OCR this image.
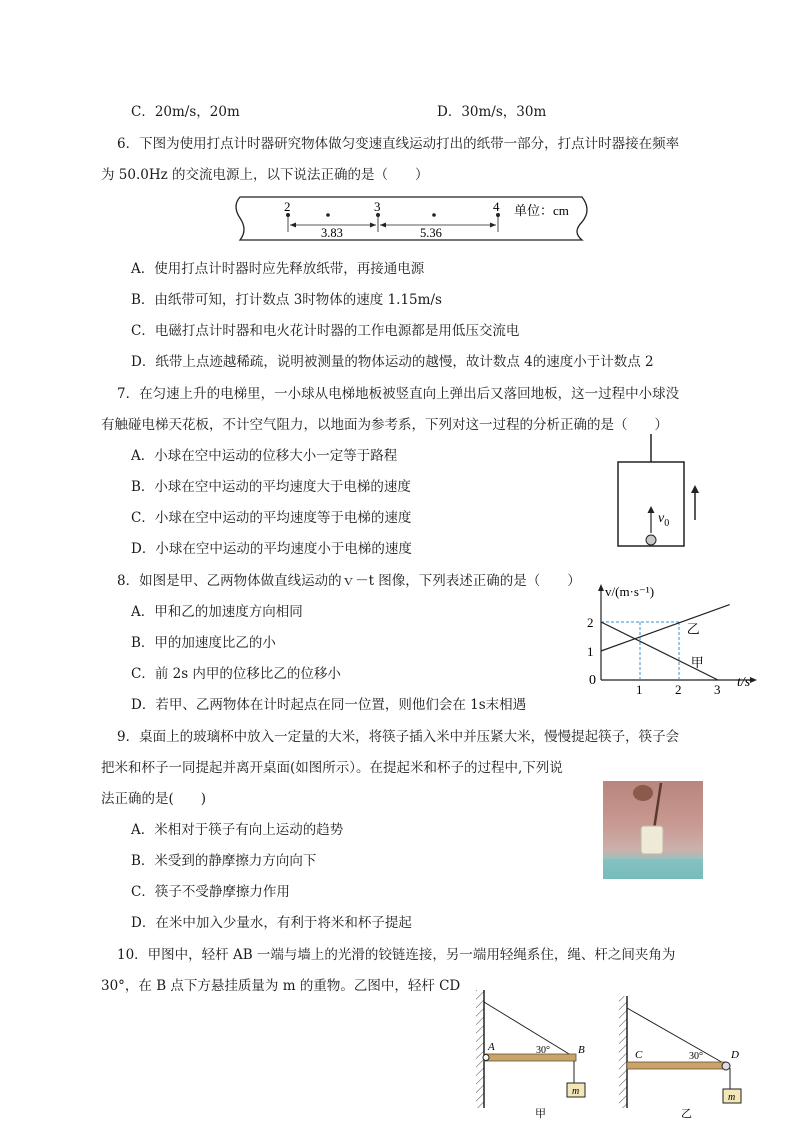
C．20m/s，20m	D．30m/s，30m
6．下图为使用打点计时器研究物体做匀变速直线运动打出的纸带一部分，打点计时器接在频率
为 50.0Hz 的交流电源上，以下说法正确的是（　　）
2	3	4
3.83	5.36
单位：cm
A．使用打点计时器时应先释放纸带，再接通电源
B．由纸带可知，打计数点 3时物体的速度 1.15m/s
C．电磁打点计时器和电火花计时器的工作电源都是用低压交流电
D．纸带上点迹越稀疏，说明被测量的物体运动的越慢，故计数点 4的速度小于计数点 2
7．在匀速上升的电梯里，一小球从电梯地板被竖直向上弹出后又落回地板，这一过程中小球没
有触碰电梯天花板，不计空气阻力，以地面为参考系，下列对这一过程的分析正确的是（　　）
A．小球在空中运动的位移大小一定等于路程
B．小球在空中运动的平均速度大于电梯的速度
C．小球在空中运动的平均速度等于电梯的速度
D．小球在空中运动的平均速度小于电梯的速度
$v_0$
8．如图是甲、乙两物体做直线运动的ｖ－t 图像，下列表述正确的是（　　）
A．甲和乙的加速度方向相同
B．甲的加速度比乙的小
C．前 2s 内甲的位移比乙的位移小
D．若甲、乙两物体在计时起点在同一位置，则他们会在 1s末相遇
v/(m·s⁻¹)
t/s
0
甲
乙
1	2	3
1
2
9．桌面上的玻璃杯中放入一定量的大米，将筷子插入米中并压紧大米，慢慢提起筷子，筷子会
把米和杯子一同提起并离开桌面(如图所示）。在提起米和杯子的过程中,下列说
法正确的是(　　)
A．米相对于筷子有向上运动的趋势
B．米受到的静摩擦力方向向下
C．筷子不受静摩擦力作用
D．在米中加入少量水，有利于将米和杯子提起
10．甲图中，轻杆 AB 一端与墙上的光滑的铰链连接，另一端用轻绳系住，绳、杆之间夹角为
30°，在 B 点下方悬挂质量为 m 的重物。乙图中，轻杆 CD
A	B
30°
m
甲
C	D
30°
m
乙
